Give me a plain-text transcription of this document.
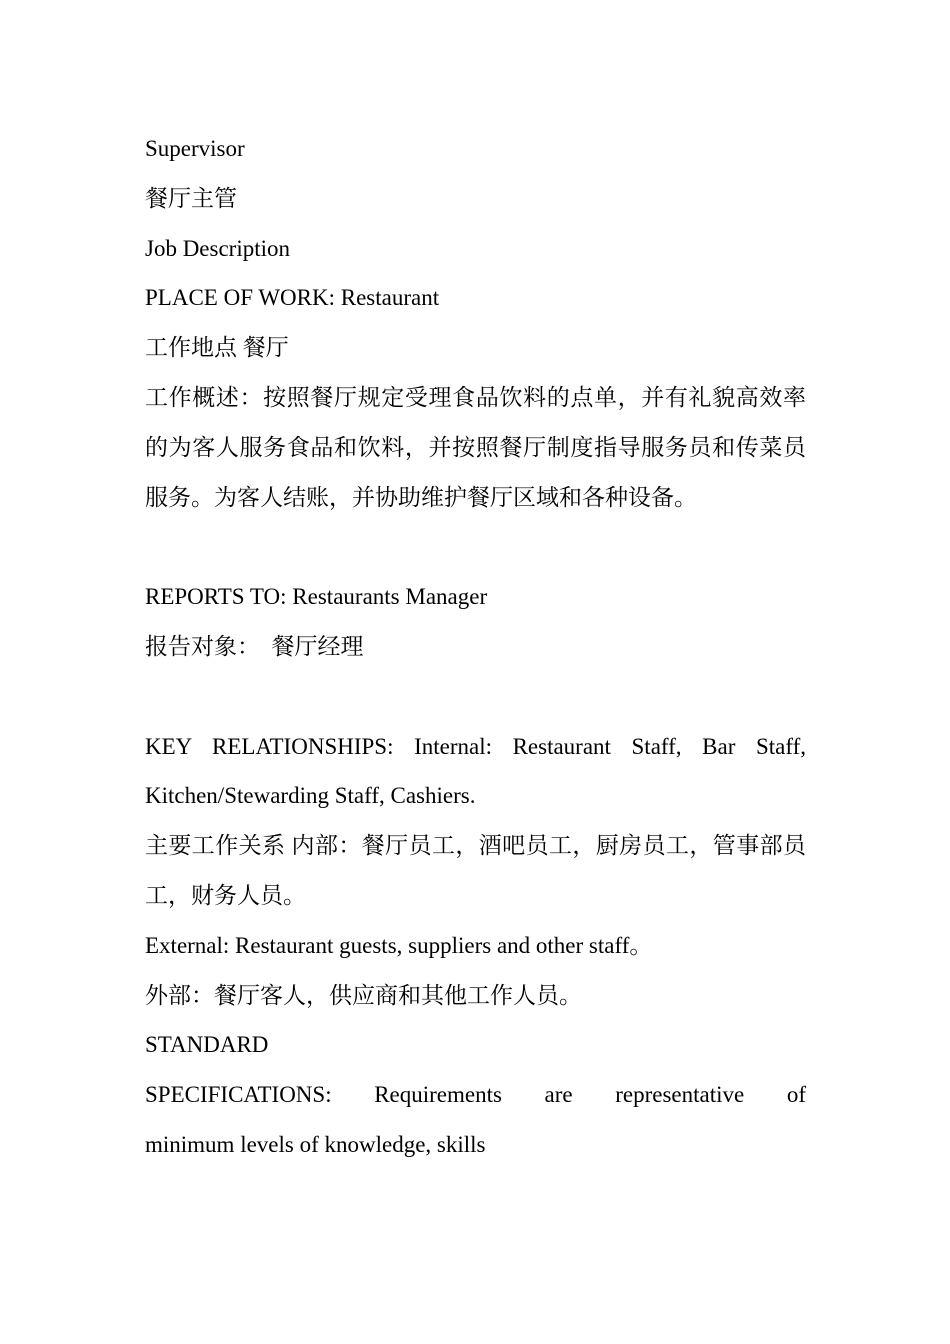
Supervisor

餐厅主管

Job Description

PLACE OF WORK: Restaurant

工作地点 餐厅

工作概述：按照餐厅规定受理食品饮料的点单，并有礼貌高效率的为客人服务食品和饮料，并按照餐厅制度指导服务员和传菜员服务。为客人结账，并协助维护餐厅区域和各种设备。

REPORTS TO: Restaurants Manager

报告对象：  餐厅经理

KEY RELATIONSHIPS: Internal: Restaurant Staff, Bar Staff, Kitchen/Stewarding Staff, Cashiers.

主要工作关系 内部：餐厅员工，酒吧员工，厨房员工，管事部员工，财务人员。

External: Restaurant guests, suppliers and other staff。

外部：餐厅客人，供应商和其他工作人员。

STANDARD

SPECIFICATIONS: Requirements are representative of

minimum levels of knowledge, skills
